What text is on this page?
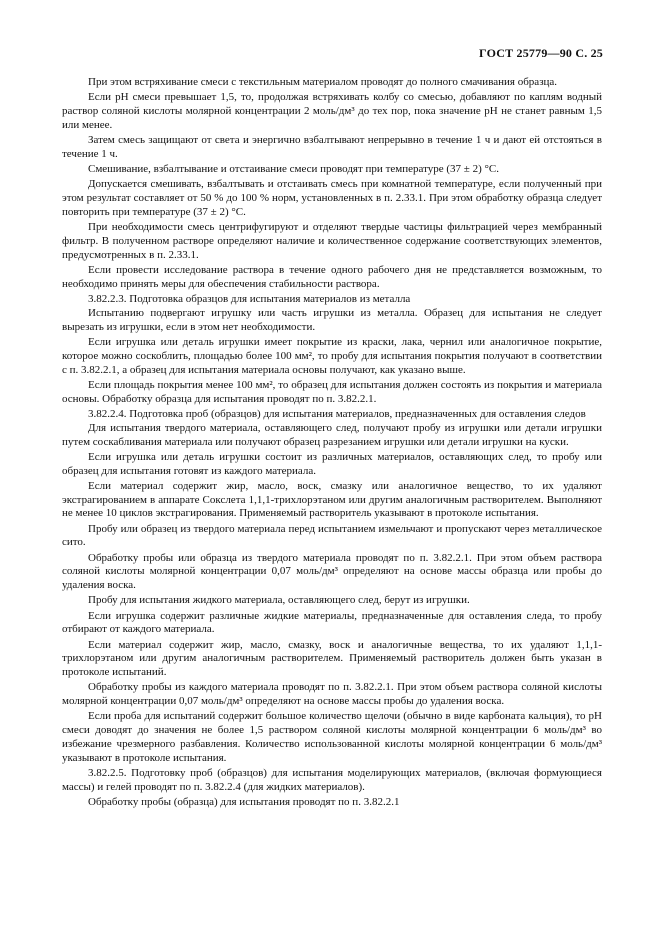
ГОСТ 25779—90 С. 25

При этом встряхивание смеси с текстильным материалом проводят до полного смачивания образца.

Если pH смеси превышает 1,5, то, продолжая встряхивать колбу со смесью, добавляют по каплям водный раствор соляной кислоты молярной концентрации 2 моль/дм³ до тех пор, пока значение pH не станет равным 1,5 или менее.

Затем смесь защищают от света и энергично взбалтывают непрерывно в течение 1 ч и дают ей отстояться в течение 1 ч.

Смешивание, взбалтывание и отстаивание смеси проводят при температуре (37 ± 2) °С.

Допускается смешивать, взбалтывать и отстаивать смесь при комнатной температуре, если полученный при этом результат составляет от 50 % до 100 % норм, установленных в п. 2.33.1. При этом обработку образца следует повторить при температуре (37 ± 2) °С.

При необходимости смесь центрифугируют и отделяют твердые частицы фильтрацией через мембранный фильтр. В полученном растворе определяют наличие и количественное содержание соответствующих элементов, предусмотренных в п. 2.33.1.

Если провести исследование раствора в течение одного рабочего дня не представляется возможным, то необходимо принять меры для обеспечения стабильности раствора.

3.82.2.3. Подготовка образцов для испытания материалов из металла

Испытанию подвергают игрушку или часть игрушки из металла. Образец для испытания не следует вырезать из игрушки, если в этом нет необходимости.

Если игрушка или деталь игрушки имеет покрытие из краски, лака, чернил или аналогичное покрытие, которое можно соскоблить, площадью более 100 мм², то пробу для испытания покрытия получают в соответствии с п. 3.82.2.1, а образец для испытания материала основы получают, как указано выше.

Если площадь покрытия менее 100 мм², то образец для испытания должен состоять из покрытия и материала основы. Обработку образца для испытания проводят по п. 3.82.2.1.

3.82.2.4. Подготовка проб (образцов) для испытания материалов, предназначенных для оставления следов

Для испытания твердого материала, оставляющего след, получают пробу из игрушки или детали игрушки путем соскабливания материала или получают образец разрезанием игрушки или детали игрушки на куски.

Если игрушка или деталь игрушки состоит из различных материалов, оставляющих след, то пробу или образец для испытания готовят из каждого материала.

Если материал содержит жир, масло, воск, смазку или аналогичное вещество, то их удаляют экстрагированием в аппарате Сокслета 1,1,1-трихлорэтаном или другим аналогичным растворителем. Выполняют не менее 10 циклов экстрагирования. Применяемый растворитель указывают в протоколе испытания.

Пробу или образец из твердого материала перед испытанием измельчают и пропускают через металлическое сито.

Обработку пробы или образца из твердого материала проводят по п. 3.82.2.1. При этом объем раствора соляной кислоты молярной концентрации 0,07 моль/дм³ определяют на основе массы образца или пробы до удаления воска.

Пробу для испытания жидкого материала, оставляющего след, берут из игрушки.

Если игрушка содержит различные жидкие материалы, предназначенные для оставления следа, то пробу отбирают от каждого материала.

Если материал содержит жир, масло, смазку, воск и аналогичные вещества, то их удаляют 1,1,1-трихлорэтаном или другим аналогичным растворителем. Применяемый растворитель должен быть указан в протоколе испытаний.

Обработку пробы из каждого материала проводят по п. 3.82.2.1. При этом объем раствора соляной кислоты молярной концентрации 0,07 моль/дм³ определяют на основе массы пробы до удаления воска.

Если проба для испытаний содержит большое количество щелочи (обычно в виде карбоната кальция), то pH смеси доводят до значения не более 1,5 раствором соляной кислоты молярной концентрации 6 моль/дм³ во избежание чрезмерного разбавления. Количество использованной кислоты молярной концентрации 6 моль/дм³ указывают в протоколе испытания.

3.82.2.5. Подготовку проб (образцов) для испытания моделирующих материалов, (включая формующиеся массы) и гелей проводят по п. 3.82.2.4 (для жидких материалов).

Обработку пробы (образца) для испытания проводят по п. 3.82.2.1
